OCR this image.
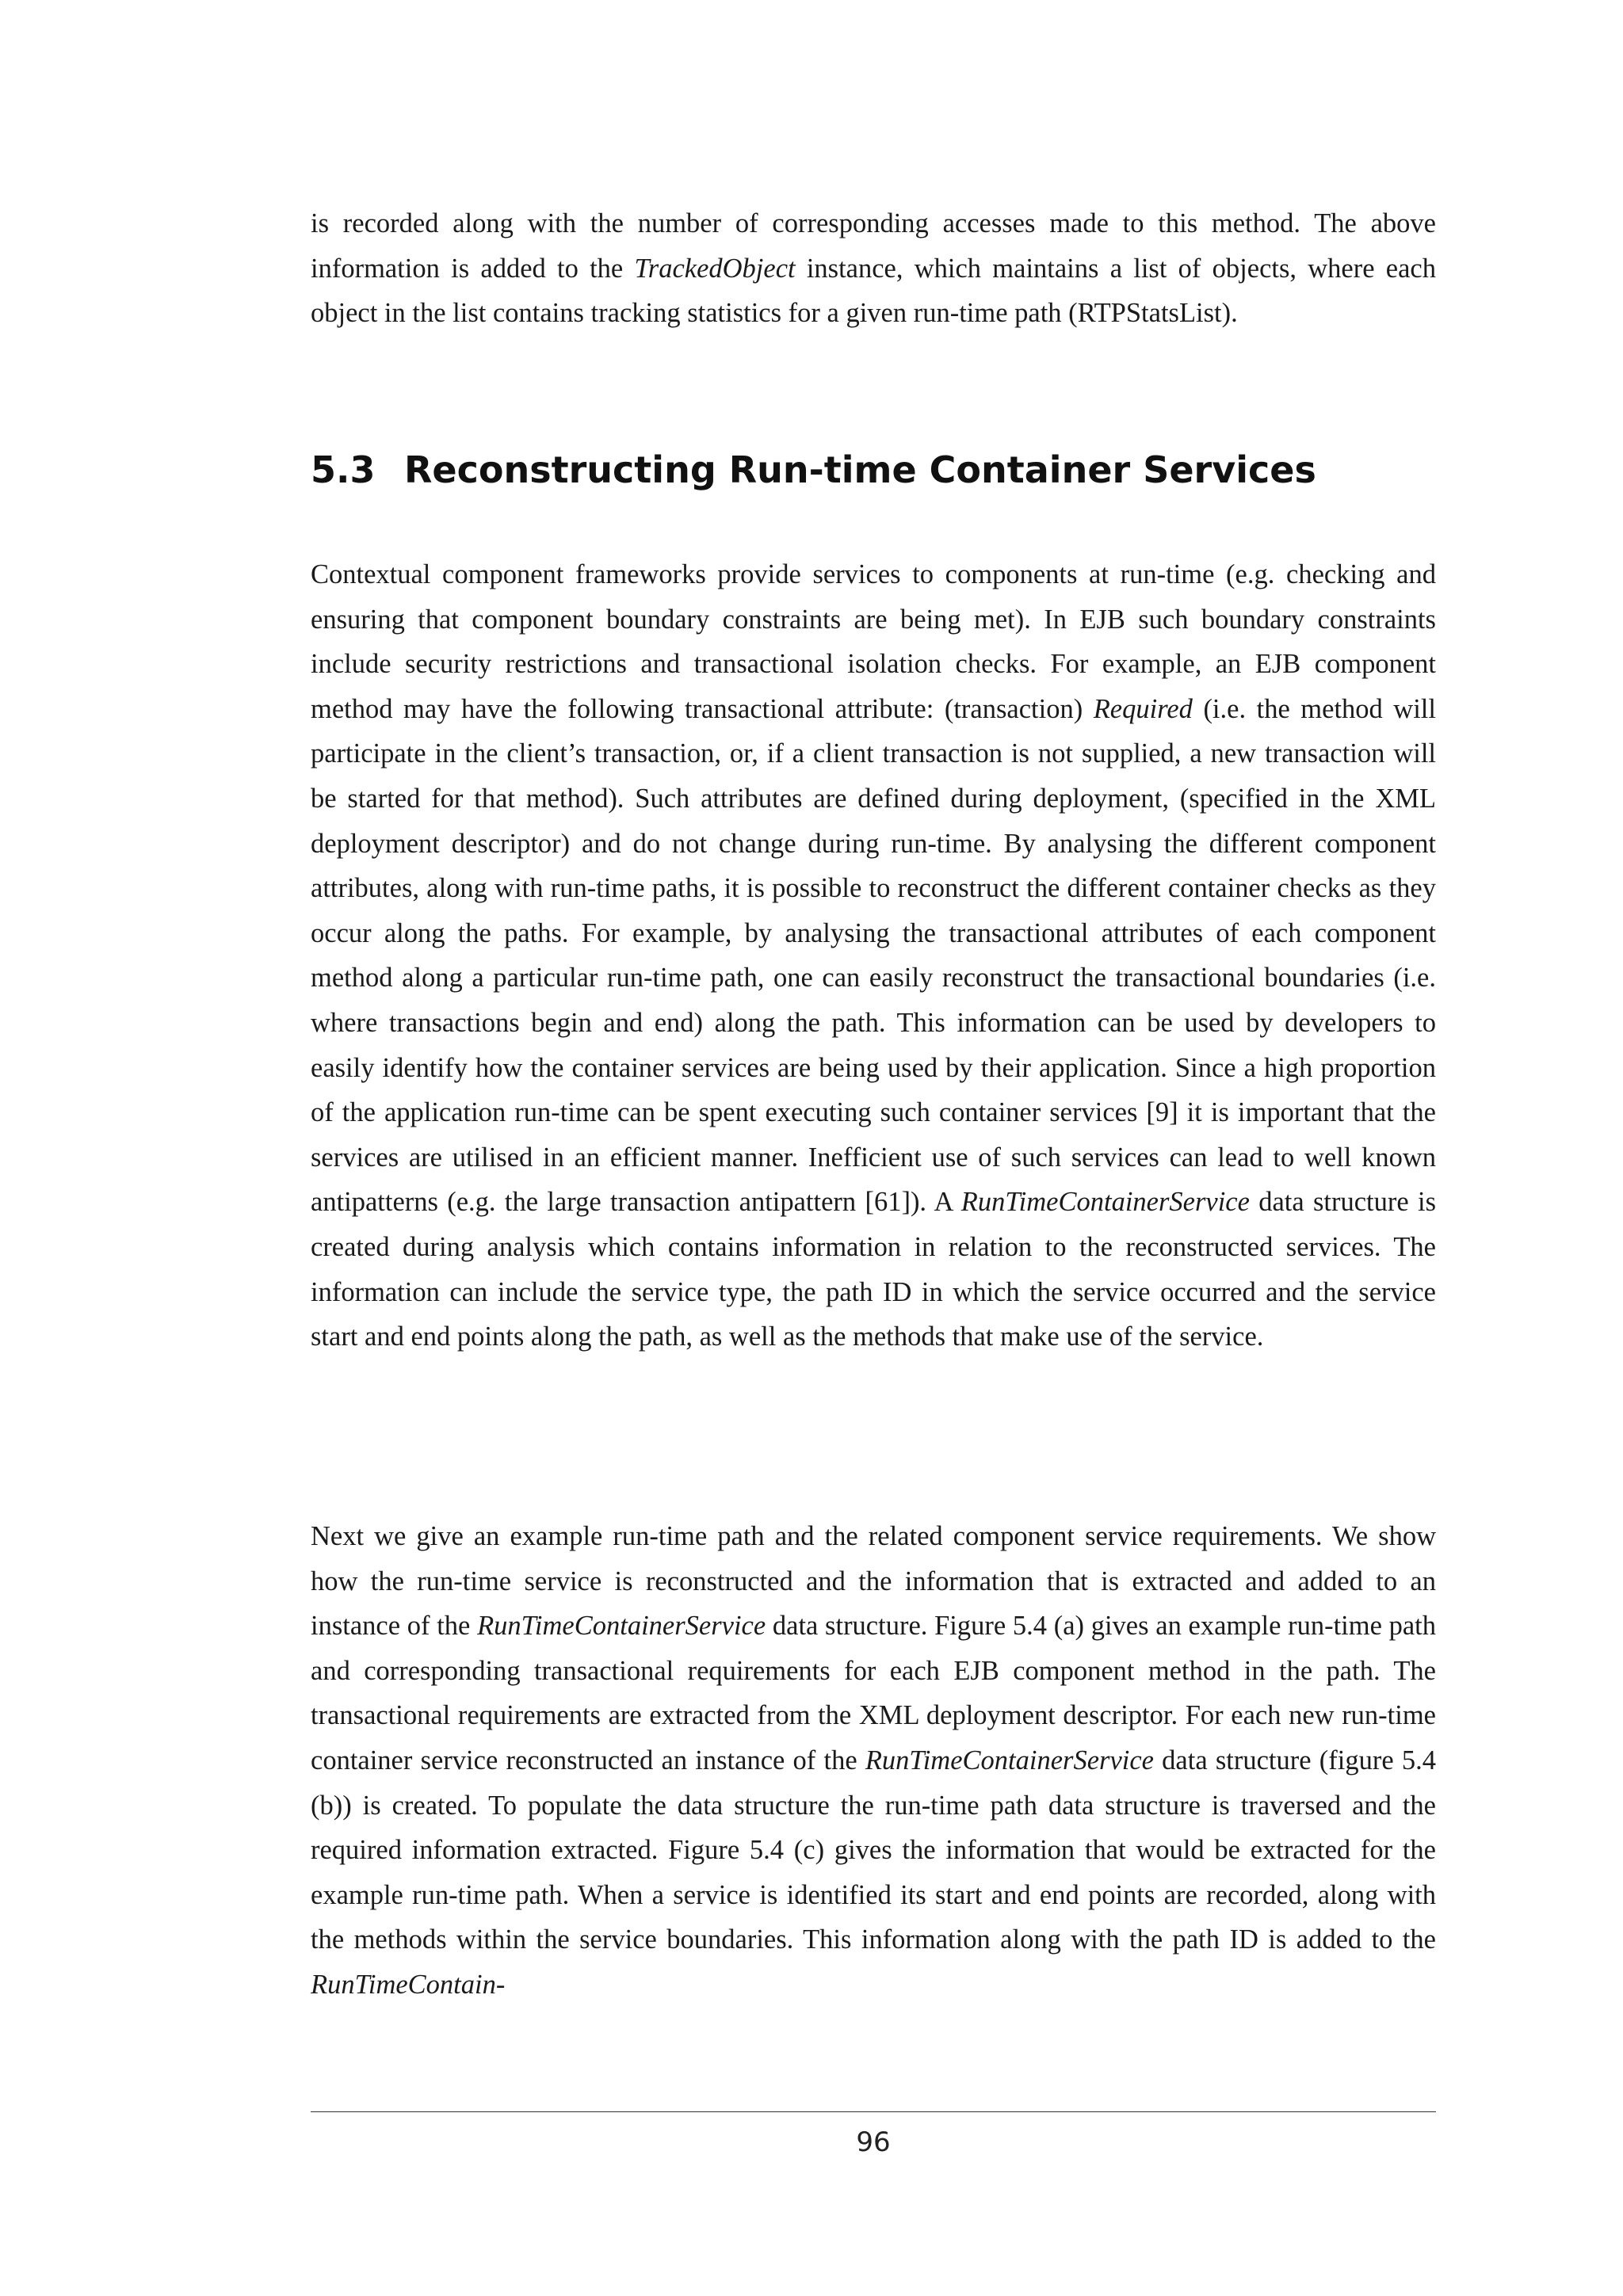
is recorded along with the number of corresponding accesses made to this method. The above information is added to the TrackedObject instance, which maintains a list of objects, where each object in the list contains tracking statistics for a given run-time path (RTPStatsList).

5.3 Reconstructing Run-time Container Services

Contextual component frameworks provide services to components at run-time (e.g. checking and ensuring that component boundary constraints are being met). In EJB such boundary constraints include security restrictions and transactional isolation checks. For example, an EJB component method may have the following transactional attribute: (transaction) Required (i.e. the method will participate in the client’s transaction, or, if a client transaction is not supplied, a new transaction will be started for that method). Such attributes are defined during deployment, (specified in the XML deployment descriptor) and do not change during run-time. By analysing the different component attributes, along with run-time paths, it is possible to reconstruct the different container checks as they occur along the paths. For example, by analysing the transactional attributes of each component method along a particular run-time path, one can easily reconstruct the transactional boundaries (i.e. where transactions begin and end) along the path. This information can be used by developers to easily identify how the container services are being used by their application. Since a high proportion of the application run-time can be spent executing such container services [9] it is important that the services are utilised in an efficient manner. Inefficient use of such services can lead to well known antipatterns (e.g. the large transaction antipattern [61]). A RunTimeContainerService data structure is created during analysis which contains information in relation to the reconstructed services. The information can include the service type, the path ID in which the service occurred and the service start and end points along the path, as well as the methods that make use of the service.

Next we give an example run-time path and the related component service requirements. We show how the run-time service is reconstructed and the information that is extracted and added to an instance of the RunTimeContainerService data structure. Figure 5.4 (a) gives an example run-time path and corresponding transactional requirements for each EJB component method in the path. The transactional requirements are extracted from the XML deployment descriptor. For each new run-time container service reconstructed an instance of the RunTimeContainerService data structure (figure 5.4 (b)) is created. To populate the data structure the run-time path data structure is traversed and the required information extracted. Figure 5.4 (c) gives the information that would be extracted for the example run-time path. When a service is identified its start and end points are recorded, along with the methods within the service boundaries. This information along with the path ID is added to the RunTimeContain-

96
